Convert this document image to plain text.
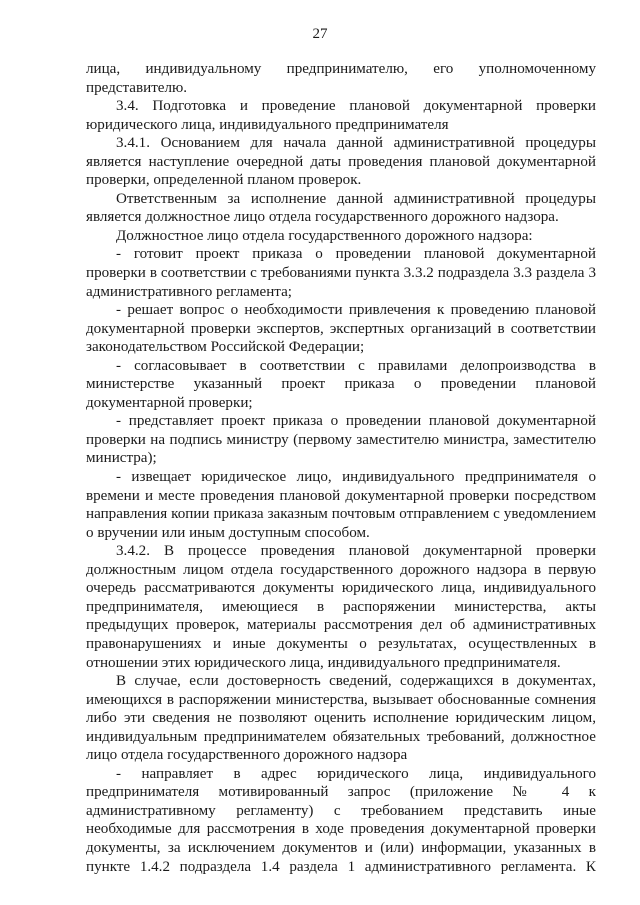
27

лица, индивидуальному предпринимателю, его уполномоченному представителю.

3.4. Подготовка и проведение плановой документарной проверки юридического лица, индивидуального предпринимателя

3.4.1. Основанием для начала данной административной процедуры является наступление очередной даты проведения плановой документарной проверки, определенной планом проверок.

Ответственным за исполнение данной административной процедуры является должностное лицо отдела государственного дорожного надзора.

Должностное лицо отдела государственного дорожного надзора:

- готовит проект приказа о проведении плановой документарной проверки в соответствии с требованиями пункта 3.3.2 подраздела 3.3 раздела 3 административного регламента;

- решает вопрос о необходимости привлечения к проведению плановой документарной проверки экспертов, экспертных организаций в соответствии законодательством Российской Федерации;

- согласовывает в соответствии с правилами делопроизводства в министерстве указанный проект приказа о проведении плановой документарной проверки;

- представляет проект приказа о проведении плановой документарной проверки на подпись министру (первому заместителю министра, заместителю министра);

- извещает юридическое лицо, индивидуального предпринимателя о времени и месте проведения плановой документарной проверки посредством направления копии приказа заказным почтовым отправлением с уведомлением о вручении или иным доступным способом.

3.4.2. В процессе проведения плановой документарной проверки должностным лицом отдела государственного дорожного надзора в первую очередь рассматриваются документы юридического лица, индивидуального предпринимателя, имеющиеся в распоряжении министерства, акты предыдущих проверок, материалы рассмотрения дел об административных правонарушениях и иные документы о результатах, осуществленных в отношении этих юридического лица, индивидуального предпринимателя.

В случае, если достоверность сведений, содержащихся в документах, имеющихся в распоряжении министерства, вызывает обоснованные сомнения либо эти сведения не позволяют оценить исполнение юридическим лицом, индивидуальным предпринимателем обязательных требований, должностное лицо отдела государственного дорожного надзора

- направляет в адрес юридического лица, индивидуального предпринимателя мотивированный запрос (приложение № 4 к административному регламенту) с требованием представить иные необходимые для рассмотрения в ходе проведения документарной проверки документы, за исключением документов и (или) информации, указанных в пункте 1.4.2 подраздела 1.4 раздела 1 административного регламента. К
